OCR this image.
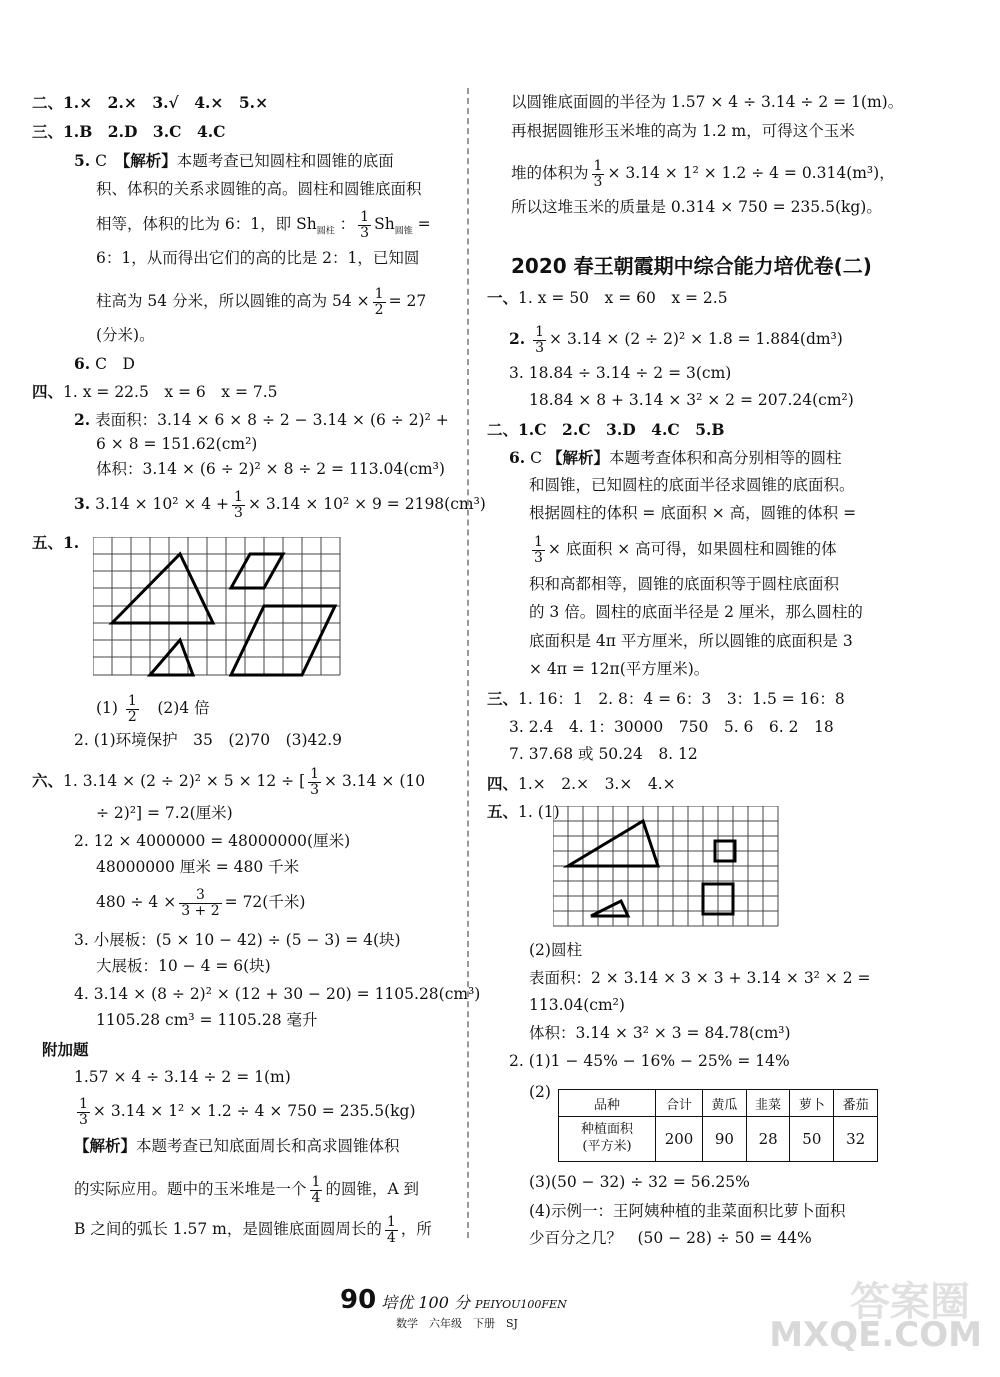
二、1.×　2.×　3.√　4.×　5.×
三、1.B　2.D　3.C　4.C
5. C　 【解析】本题考查已知圆柱和圆锥的底面
积、体积的关系求圆锥的高。圆柱和圆锥底面积
相等，体积的比为 6：1，即 $Sh_{圆柱}$ ： $\frac{1}{3} Sh_{圆锥}$ =
6：1，从而得出它们的高的比是 2：1，已知圆
柱高为 54 分米，所以圆锥的高为 $54 \times \frac{1}{2} = 27$
(分米)。
6. C　D
四、1. x = 22.5　x = 6　x = 7.5
2. 表面积：3.14 × 6 × 8 ÷ 2 − 3.14 × (6 ÷ 2)² +
6 × 8 = 151.62(cm²)
体积：3.14 × (6 ÷ 2)² × 8 ÷ 2 = 113.04(cm³)
3. $3.14 \times 10^2 \times 4 + \frac{1}{3} \times 3.14 \times 10^2 \times 9 = 2198(cm^3)$
五、1.
$(1) \frac{1}{2}$
　 (2)4 倍
2. (1)环境保护　35　(2)70　(3)42.9
六、1. 3.14 × (2 ÷ 2)² × 5 × 12 ÷ [ $\frac{1}{3} \times 3.14 \times (10$
÷ 2)²] = 7.2(厘米)
2. 12 × 4000000 = 48000000(厘米)
48000000 厘米 = 480 千米
$480 \div 4 \times \frac{3}{3 + 2} = 72$(千米)
3. 小展板：(5 × 10 − 42) ÷ (5 − 3) = 4(块)
大展板：10 − 4 = 6(块)
4. 3.14 × (8 ÷ 2)² × (12 + 30 − 20) = 1105.28(cm³)
1105.28 cm³ = 1105.28 毫升
附加题
1.57 × 4 ÷ 3.14 ÷ 2 = 1(m)
$\frac{1}{3} \times 3.14 \times 1^2 \times 1.2 \div 4 \times 750 = 235.5(kg)$
【解析】本题考查已知底面周长和高求圆锥体积
的实际应用。题中的玉米堆是一个 $\frac{1}{4}$ 的圆锥，A 到
B 之间的弧长 1.57 m，是圆锥底面圆周长的 $\frac{1}{4}$ ，所
以圆锥底面圆的半径为 1.57 × 4 ÷ 3.14 ÷ 2 = 1(m)。
再根据圆锥形玉米堆的高为 1.2 m，可得这个玉米
堆的体积为 $\frac{1}{3} \times 3.14 \times 1^2 \times 1.2 \div 4 = 0.314(m^3)$，
所以这堆玉米的质量是 0.314 × 750 = 235.5(kg)。
2020 春王朝霞期中综合能力培优卷(二)
一、1. x = 50　x = 60　x = 2.5
2. $\frac{1}{3} \times 3.14 \times (2 \div 2)^2 \times 1.8 = 1.884(dm^3)$
3. 18.84 ÷ 3.14 ÷ 2 = 3(cm)
18.84 × 8 + 3.14 × 3² × 2 = 207.24(cm²)
二、1.C　2.C　3.D　4.C　5.B
6. C 【解析】本题考查体积和高分别相等的圆柱
和圆锥，已知圆柱的底面半径求圆锥的底面积。
根据圆柱的体积 = 底面积 × 高，圆锥的体积 =
$\frac{1}{3}$ × 底面积 × 高可得，如果圆柱和圆锥的体
积和高都相等，圆锥的底面积等于圆柱底面积
的 3 倍。圆柱的底面半径是 2 厘米，那么圆柱的
底面积是 4π 平方厘米，所以圆锥的底面积是 3
× 4π = 12π(平方厘米)。
三、1. 16：1　2. 8：4 = 6：3　3：1.5 = 16：8
3. 2.4　4. 1：30000　750　5. 6　6. 2　18
7. 37.68 或 50.24　8. 12
四、1.×　2.×　3.×　4.×
五、1. (1)
(2)圆柱
表面积：2 × 3.14 × 3 × 3 + 3.14 × 3² × 2 =
113.04(cm²)
体积：3.14 × 3² × 3 = 84.78(cm³)
2. (1)1 − 45% − 16% − 25% = 14%
(2)
(3)(50 − 32) ÷ 32 = 56.25%
(4)示例一：王阿姨种植的韭菜面积比萝卜面积
少百分之几？　(50 − 28) ÷ 50 = 44%
品种	合计	黄瓜	韭菜	萝卜	番茄
种植面积
(平方米)	200	90	28	50	32
90 培优 100 分 PEIYOU100FEN
数学　六年级　下册　SJ	答案圈
MXQE.COM
